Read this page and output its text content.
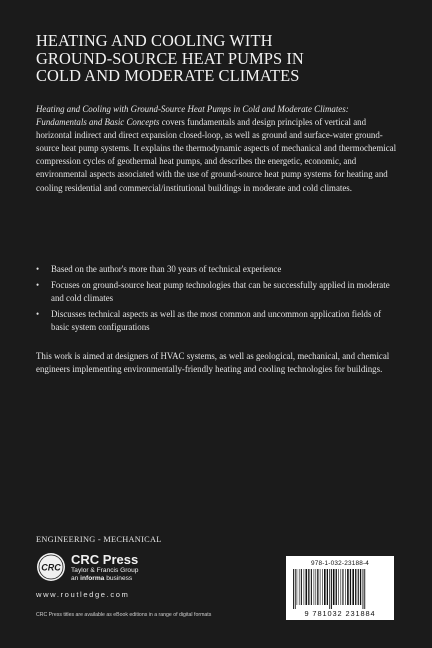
HEATING AND COOLING WITH
GROUND-SOURCE HEAT PUMPS IN
COLD AND MODERATE CLIMATES

Heating and Cooling with Ground-Source Heat Pumps in Cold and Moderate Climates: Fundamentals and Basic Concepts covers fundamentals and design principles of vertical and horizontal indirect and direct expansion closed-loop, as well as ground and surface-water ground-source heat pump systems. It explains the thermodynamic aspects of mechanical and thermochemical compression cycles of geothermal heat pumps, and describes the energetic, economic, and environmental aspects associated with the use of ground-source heat pump systems for heating and cooling residential and commercial/institutional buildings in moderate and cold climates.

• Based on the author's more than 30 years of technical experience
• Focuses on ground-source heat pump technologies that can be successfully applied in moderate and cold climates
• Discusses technical aspects as well as the most common and uncommon application fields of basic system configurations

This work is aimed at designers of HVAC systems, as well as geological, mechanical, and chemical engineers implementing environmentally-friendly heating and cooling technologies for buildings.

ENGINEERING - MECHANICAL
CRC
CRC Press
Taylor & Francis Group
an informa business
www.routledge.com
CRC Press titles are available as eBook editions in a range of digital formats
978-1-032-23188-4
9 781032 231884
